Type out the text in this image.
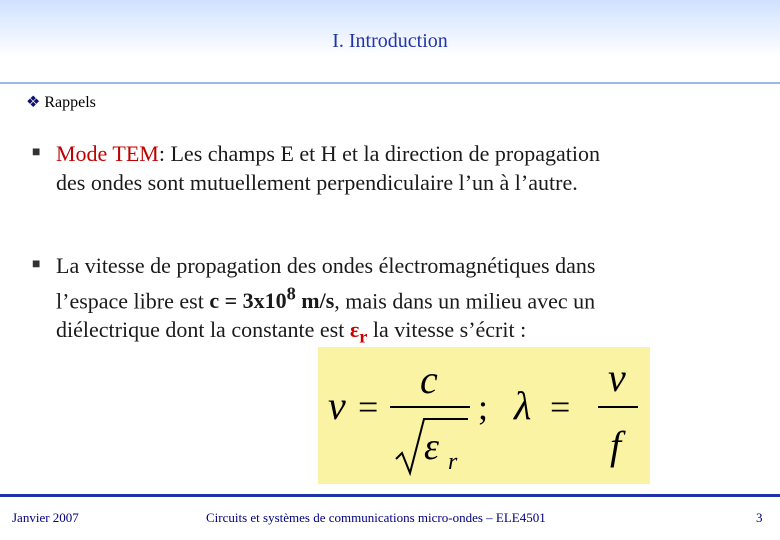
I. Introduction
❖ Rappels
■ Mode TEM: Les champs E et H et la direction de propagation
des ondes sont mutuellement perpendiculaire l’un à l’autre.
■ La vitesse de propagation des ondes électromagnétiques dans
l’espace libre est $c = 3x10^8$ m/s, mais dans un milieu avec un
diélectrique dont la constante est $\varepsilon_r$ la vitesse s’écrit :
v =
c
ε r
; λ =
v
f
Janvier 2007	Circuits et systèmes de communications micro-ondes – ELE4501	3
